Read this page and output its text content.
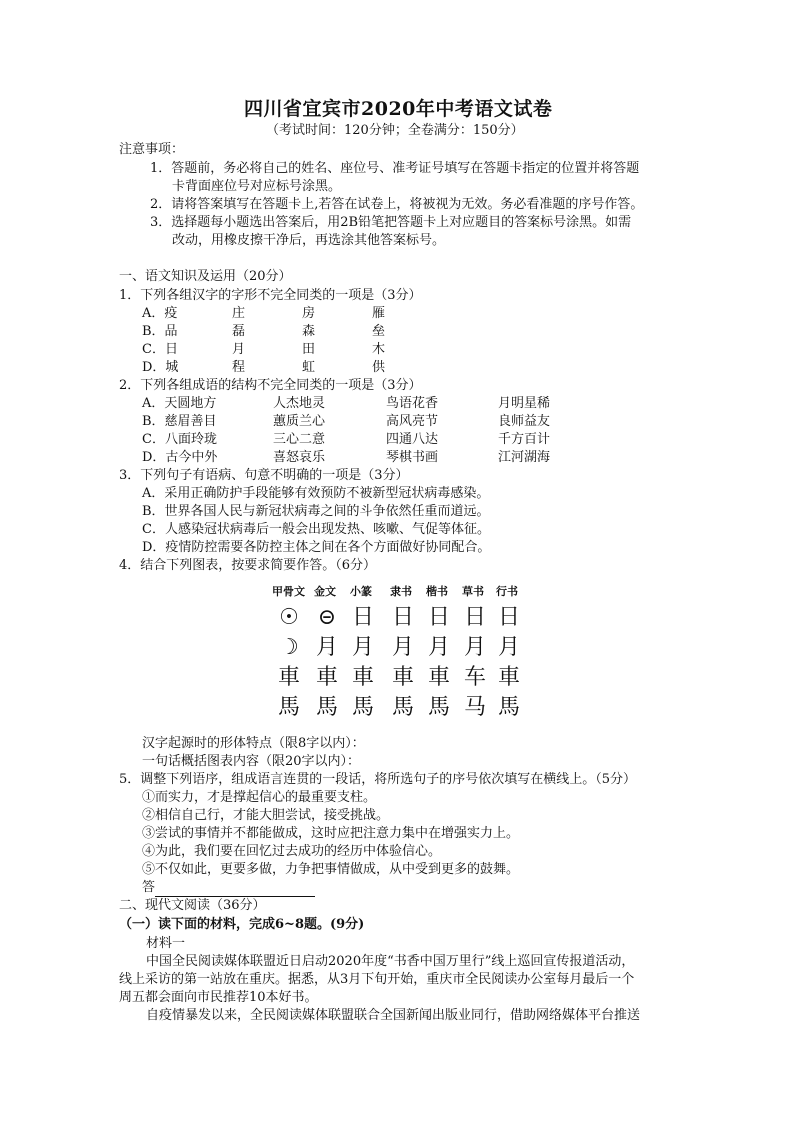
四川省宜宾市2020年中考语文试卷
（考试时间：120分钟；全卷满分：150分）
注意事项：
1．答题前，务必将自己的姓名、座位号、准考证号填写在答题卡指定的位置并将答题
卡背面座位号对应标号涂黑。
2．请将答案填写在答题卡上,若答在试卷上，将被视为无效。务必看准题的序号作答。
3．选择题每小题选出答案后，用2B铅笔把答题卡上对应题目的答案标号涂黑。如需
改动，用橡皮擦干净后，再选涂其他答案标号。
一、语文知识及运用（20分）
1．下列各组汉字的字形不完全同类的一项是（3分）
A．疫	庄	房	雁
B．品	磊	森	垒
C．日	月	田	木
D．城	程	虹	供
2．下列各组成语的结构不完全同类的一项是（3分）
A．天圆地方	人杰地灵	鸟语花香	月明星稀
B．慈眉善目	蕙质兰心	高风亮节	良师益友
C．八面玲珑	三心二意	四通八达	千方百计
D．古今中外	喜怒哀乐	琴棋书画	江河湖海
3．下列句子有语病、句意不明确的一项是（3分）
A．采用正确防护手段能够有效预防不被新型冠状病毒感染。
B．世界各国人民与新冠状病毒之间的斗争依然任重而道远。
C．人感染冠状病毒后一般会出现发热、咳嗽、气促等体征。
D．疫情防控需要各防控主体之间在各个方面做好协同配合。
4．结合下列图表，按要求简要作答。（6分）
甲骨文 金文 小篆 隶书 楷书 草书 行书
☉ ⊝ 日 日 日 日 日
☽ 月 月 月 月 月 月
車 車 車 車 車 车 車
馬 馬 馬 馬 馬 马 馬
汉字起源时的形体特点（限8字以内）：
一句话概括图表内容（限20字以内）：
5．调整下列语序，组成语言连贯的一段话，将所选句子的序号依次填写在横线上。（5分）
①而实力，才是撑起信心的最重要支柱。
②相信自己行，才能大胆尝试，接受挑战。
③尝试的事情并不都能做成，这时应把注意力集中在增强实力上。
④为此，我们要在回忆过去成功的经历中体验信心。
⑤不仅如此，更要多做，力争把事情做成，从中受到更多的鼓舞。
答
二、现代文阅读（36分）
（一）读下面的材料，完成6~8题。(9分)
材料一
中国全民阅读媒体联盟近日启动2020年度“书香中国万里行”线上巡回宣传报道活动，
线上采访的第一站放在重庆。据悉，从3月下旬开始，重庆市全民阅读办公室每月最后一个
周五都会面向市民推荐10本好书。
自疫情暴发以来，全民阅读媒体联盟联合全国新闻出版业同行，借助网络媒体平台推送
